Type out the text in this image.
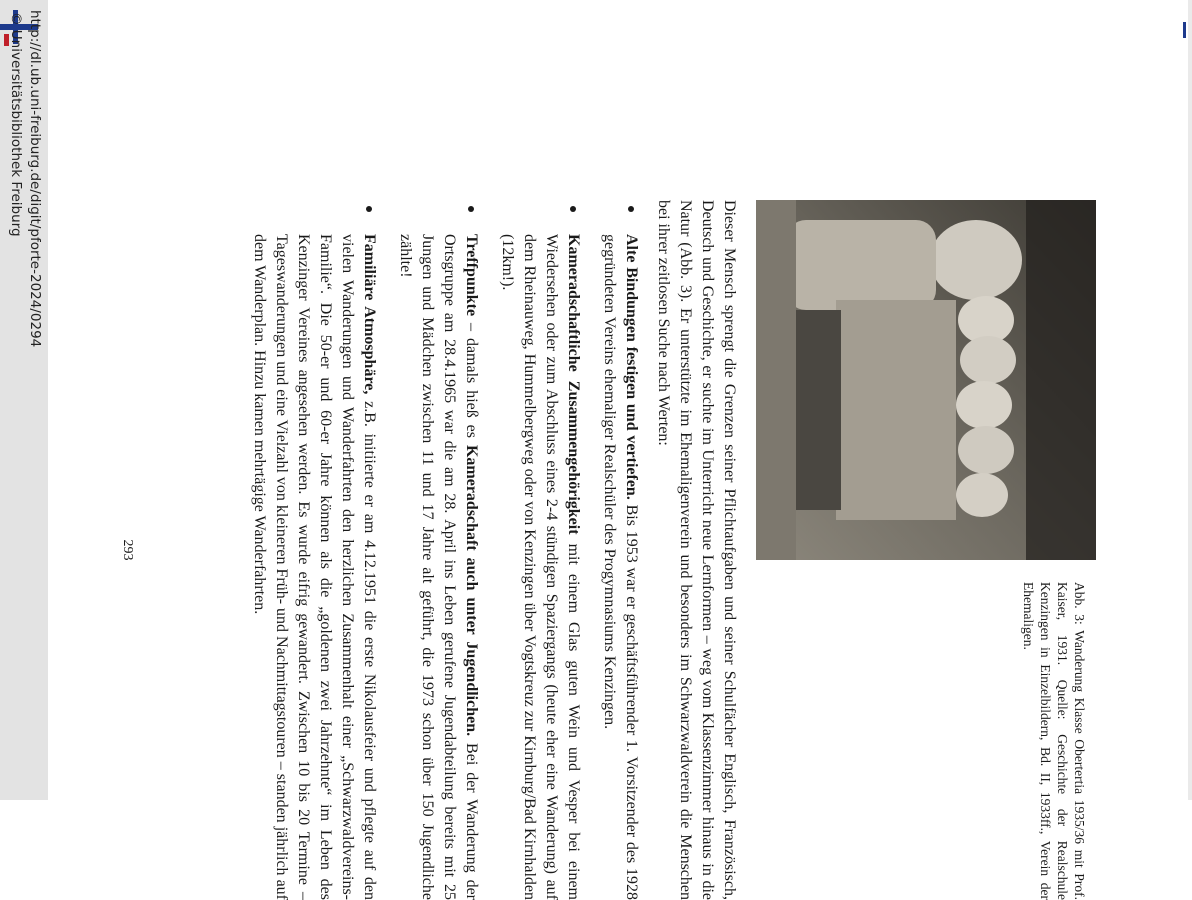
http://dl.ub.uni-freiburg.de/digit/pforte-2024/0294
© Universitätsbibliothek Freiburg
Abb. 3: Wanderung Klasse Obertertia 1935/36 mit Prof. Kaiser, 1931. Quelle: Geschichte der Realschule Kenzingen in Einzelbildern, Bd. II, 1933ff., Verein der Ehemaligen.

Dieser Mensch sprengt die Grenzen seiner Pflichtaufgaben und seiner Schulfächer Englisch, Französisch, Deutsch und Geschichte, er suchte im Unterricht neue Lernformen – weg vom Klassenzimmer hinaus in die Natur (Abb. 3). Er unterstützte im Ehemaligenverein und besonders im Schwarzwaldverein die Menschen bei ihrer zeitlosen Suche nach Werten:

Alte Bindungen festigen und vertiefen. Bis 1953 war er geschäftsführender 1. Vorsitzender des 1928 gegründeten Vereins ehemaliger Realschüler des Progymnasiums Kenzingen.
Kameradschaftliche Zusammengehörigkeit mit einem Glas guten Wein und Vesper bei einem Wiedersehen oder zum Abschluss eines 2-4 stündigen Spaziergangs (heute eher eine Wanderung) auf dem Rheinauweg, Hummelbergweg oder von Kenzingen über Vogtskreuz zur Kirnburg/Bad Kirnhalden (12km!).
Treffpunkte – damals hieß es Kameradschaft auch unter Jugendlichen. Bei der Wanderung der Ortsgruppe am 28.4.1965 war die am 28. April ins Leben gerufene Jugendabteilung bereits mit 25 Jungen und Mädchen zwischen 11 und 17 Jahre alt geführt, die 1973 schon über 150 Jugendliche zählte!
Familiäre Atmosphäre, z.B. initiierte er am 4.12.1951 die erste Nikolausfeier und pflegte auf den vielen Wanderungen und Wanderfahrten den herzlichen Zusammenhalt einer „Schwarzwaldvereins-Familie“. Die 50-er und 60-er Jahre können als die „goldenen zwei Jahrzehnte“ im Leben des Kenzinger Vereines angesehen werden. Es wurde eifrig gewandert. Zwischen 10 bis 20 Termine – Tageswanderungen und eine Vielzahl von kleineren Früh- und Nachmittagstouren – standen jährlich auf dem Wanderplan. Hinzu kamen mehrtägige Wanderfahrten.
293
